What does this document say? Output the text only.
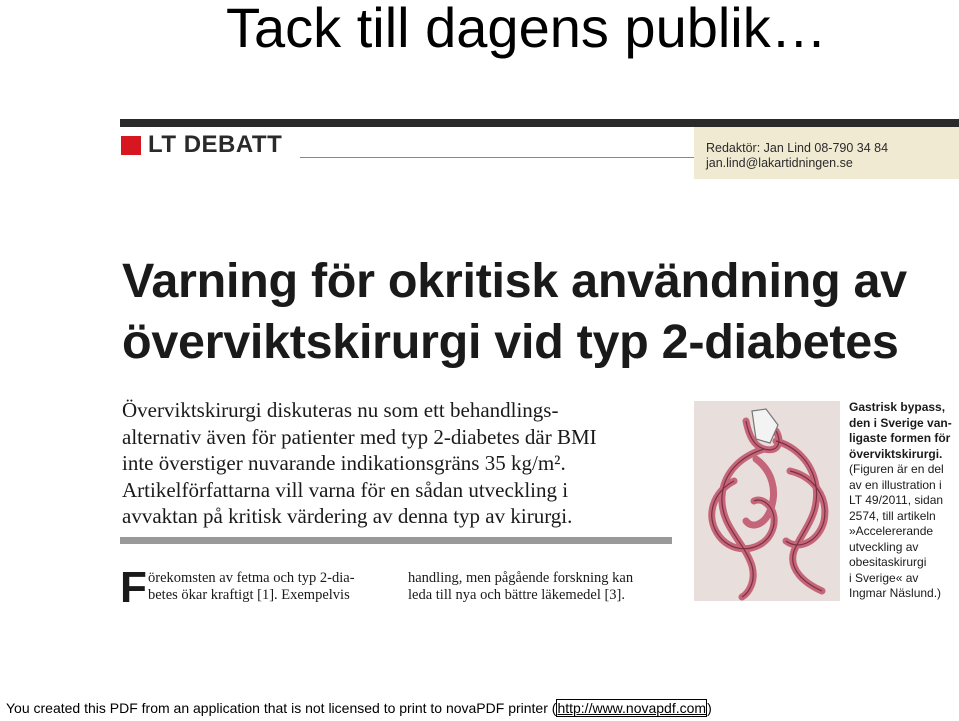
Tack till dagens publik…
LT DEBATT	Redaktör: Jan Lind 08-790 34 84
jan.lind@lakartidningen.se
Varning för okritisk användning av
överviktskirurgi vid typ 2-diabetes
Överviktskirurgi diskuteras nu som ett behandlings-
alternativ även för patienter med typ 2-diabetes där BMI
inte överstiger nuvarande indikationsgräns 35 kg/m².
Artikelförfattarna vill varna för en sådan utveckling i
avvaktan på kritisk värdering av denna typ av kirurgi.
F örekomsten av fetma och typ 2-dia-
betes ökar kraftigt [1]. Exempelvis
handling, men pågående forskning kan
leda till nya och bättre läkemedel [3].
Gastrisk bypass,
den i Sverige van-
ligaste formen för
överviktskirurgi.
(Figuren är en del
av en illustration i
LT 49/2011, sidan
2574, till artikeln
»Accelererande
utveckling av
obesitaskirurgi
i Sverige« av
Ingmar Näslund.)
You created this PDF from an application that is not licensed to print to novaPDF printer (http://www.novapdf.com)
